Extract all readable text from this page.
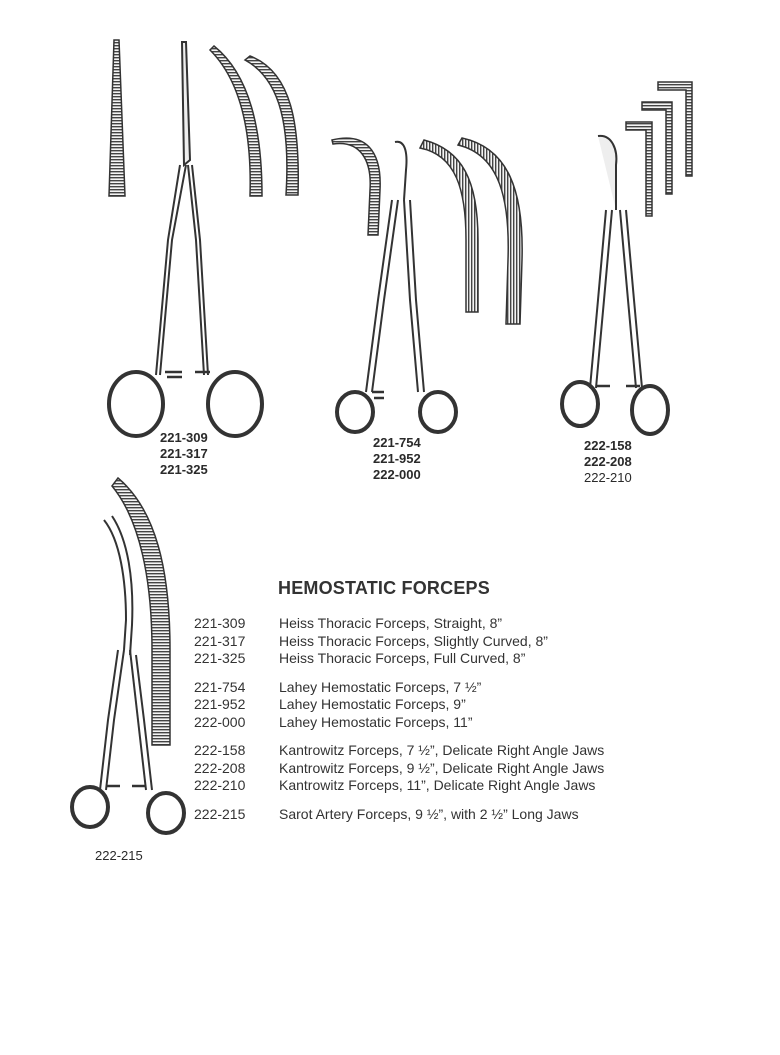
221-309
221-317
221-325
221-754
221-952
222-000
222-158
222-208
222-210
222-215
HEMOSTATIC FORCEPS
221-309	Heiss Thoracic Forceps, Straight, 8”
221-317	Heiss Thoracic Forceps, Slightly Curved, 8”
221-325	Heiss Thoracic Forceps, Full Curved, 8”
221-754	Lahey Hemostatic Forceps, 7 ½”
221-952	Lahey Hemostatic Forceps, 9”
222-000	Lahey Hemostatic Forceps, 11”
222-158	Kantrowitz Forceps, 7 ½”, Delicate Right Angle Jaws
222-208	Kantrowitz Forceps, 9 ½”, Delicate Right Angle Jaws
222-210	Kantrowitz Forceps, 11”, Delicate Right Angle Jaws
222-215	Sarot Artery Forceps, 9 ½”, with 2 ½” Long Jaws
